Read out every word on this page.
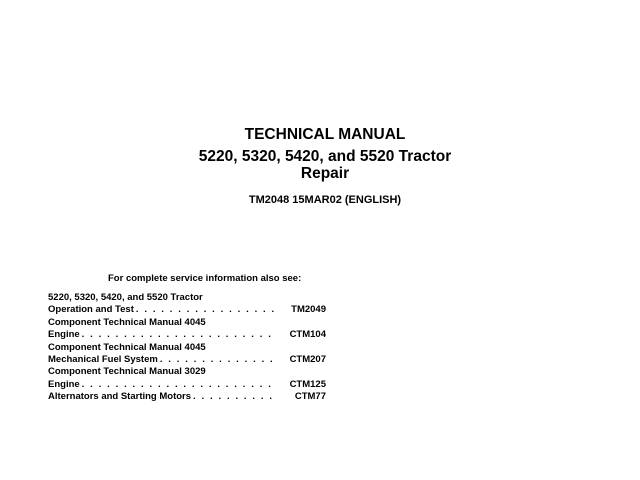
TECHNICAL MANUAL
5220, 5320, 5420, and 5520 Tractor
Repair
TM2048 15MAR02 (ENGLISH)
For complete service information also see:
5220, 5320, 5420, and 5520 Tractor
Operation and Test . . .	TM2049
Component Technical Manual 4045
Engine . . .	CTM104
Component Technical Manual 4045
Mechanical Fuel System . . .	CTM207
Component Technical Manual 3029
Engine . . .	CTM125
Alternators and Starting Motors . . .	CTM77
